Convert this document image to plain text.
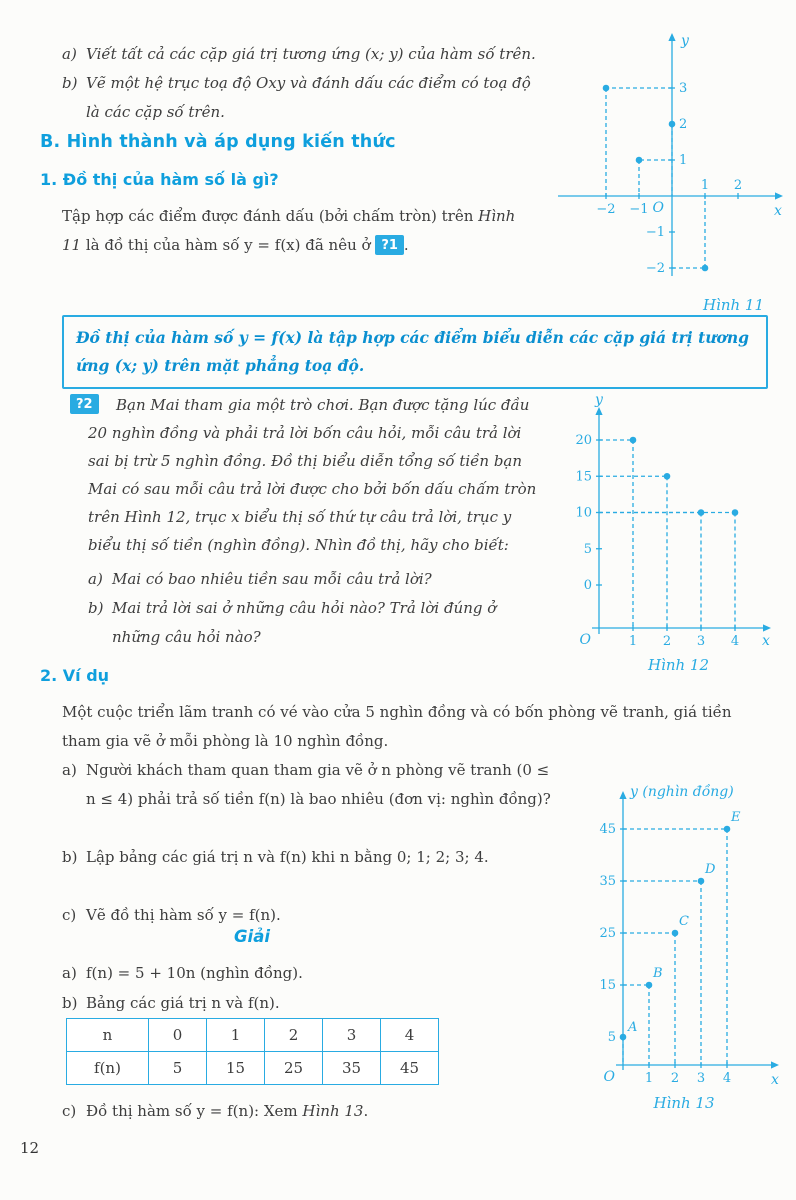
a) Viết tất cả các cặp giá trị tương ứng (x; y) của hàm số trên.
b) Vẽ một hệ trục toạ độ Oxy và đánh dấu các điểm có toạ độ là các cặp số trên.
B. Hình thành và áp dụng kiến thức
1. Đồ thị của hàm số là gì?
Tập hợp các điểm được đánh dấu (bởi chấm tròn) trên Hình 11 là đồ thị của hàm số y = f(x) đã nêu ở ?1 .
Đồ thị của hàm số y = f(x) là tập hợp các điểm biểu diễn các cặp giá trị tương ứng (x; y) trên mặt phẳng toạ độ.
?2	Bạn Mai tham gia một trò chơi. Bạn được tặng lúc đầu 20 nghìn đồng và phải trả lời bốn câu hỏi, mỗi câu trả lời sai bị trừ 5 nghìn đồng. Đồ thị biểu diễn tổng số tiền bạn Mai có sau mỗi câu trả lời được cho bởi bốn dấu chấm tròn trên Hình 12, trục x biểu thị số thứ tự câu trả lời, trục y biểu thị số tiền (nghìn đồng). Nhìn đồ thị, hãy cho biết:
a) Mai có bao nhiêu tiền sau mỗi câu trả lời?
b) Mai trả lời sai ở những câu hỏi nào? Trả lời đúng ở những câu hỏi nào?
2. Ví dụ
Một cuộc triển lãm tranh có vé vào cửa 5 nghìn đồng và có bốn phòng vẽ tranh, giá tiền tham gia vẽ ở mỗi phòng là 10 nghìn đồng.
a) Người khách tham quan tham gia vẽ ở n phòng vẽ tranh (0 ≤ n ≤ 4) phải trả số tiền f(n) là bao nhiêu (đơn vị: nghìn đồng)?
b) Lập bảng các giá trị n và f(n) khi n bằng 0; 1; 2; 3; 4.
c) Vẽ đồ thị hàm số y = f(n).
Giải
a) f(n) = 5 + 10n (nghìn đồng).
b) Bảng các giá trị n và f(n).
n	0	1	2	3	4
f(n)	5	15	25	35	45
c) Đồ thị hàm số y = f(n): Xem Hình 13.
x
y
O
−2 −1
1 2
3
2
1
−1
−2
Hình 11
x
y
O	1 2 3 4
20
15
10
5
0
Hình 12
x
y (nghìn đồng)
O 1 2 3 4
45
35
25
15
5
A
B
C
D
E
Hình 13
12
